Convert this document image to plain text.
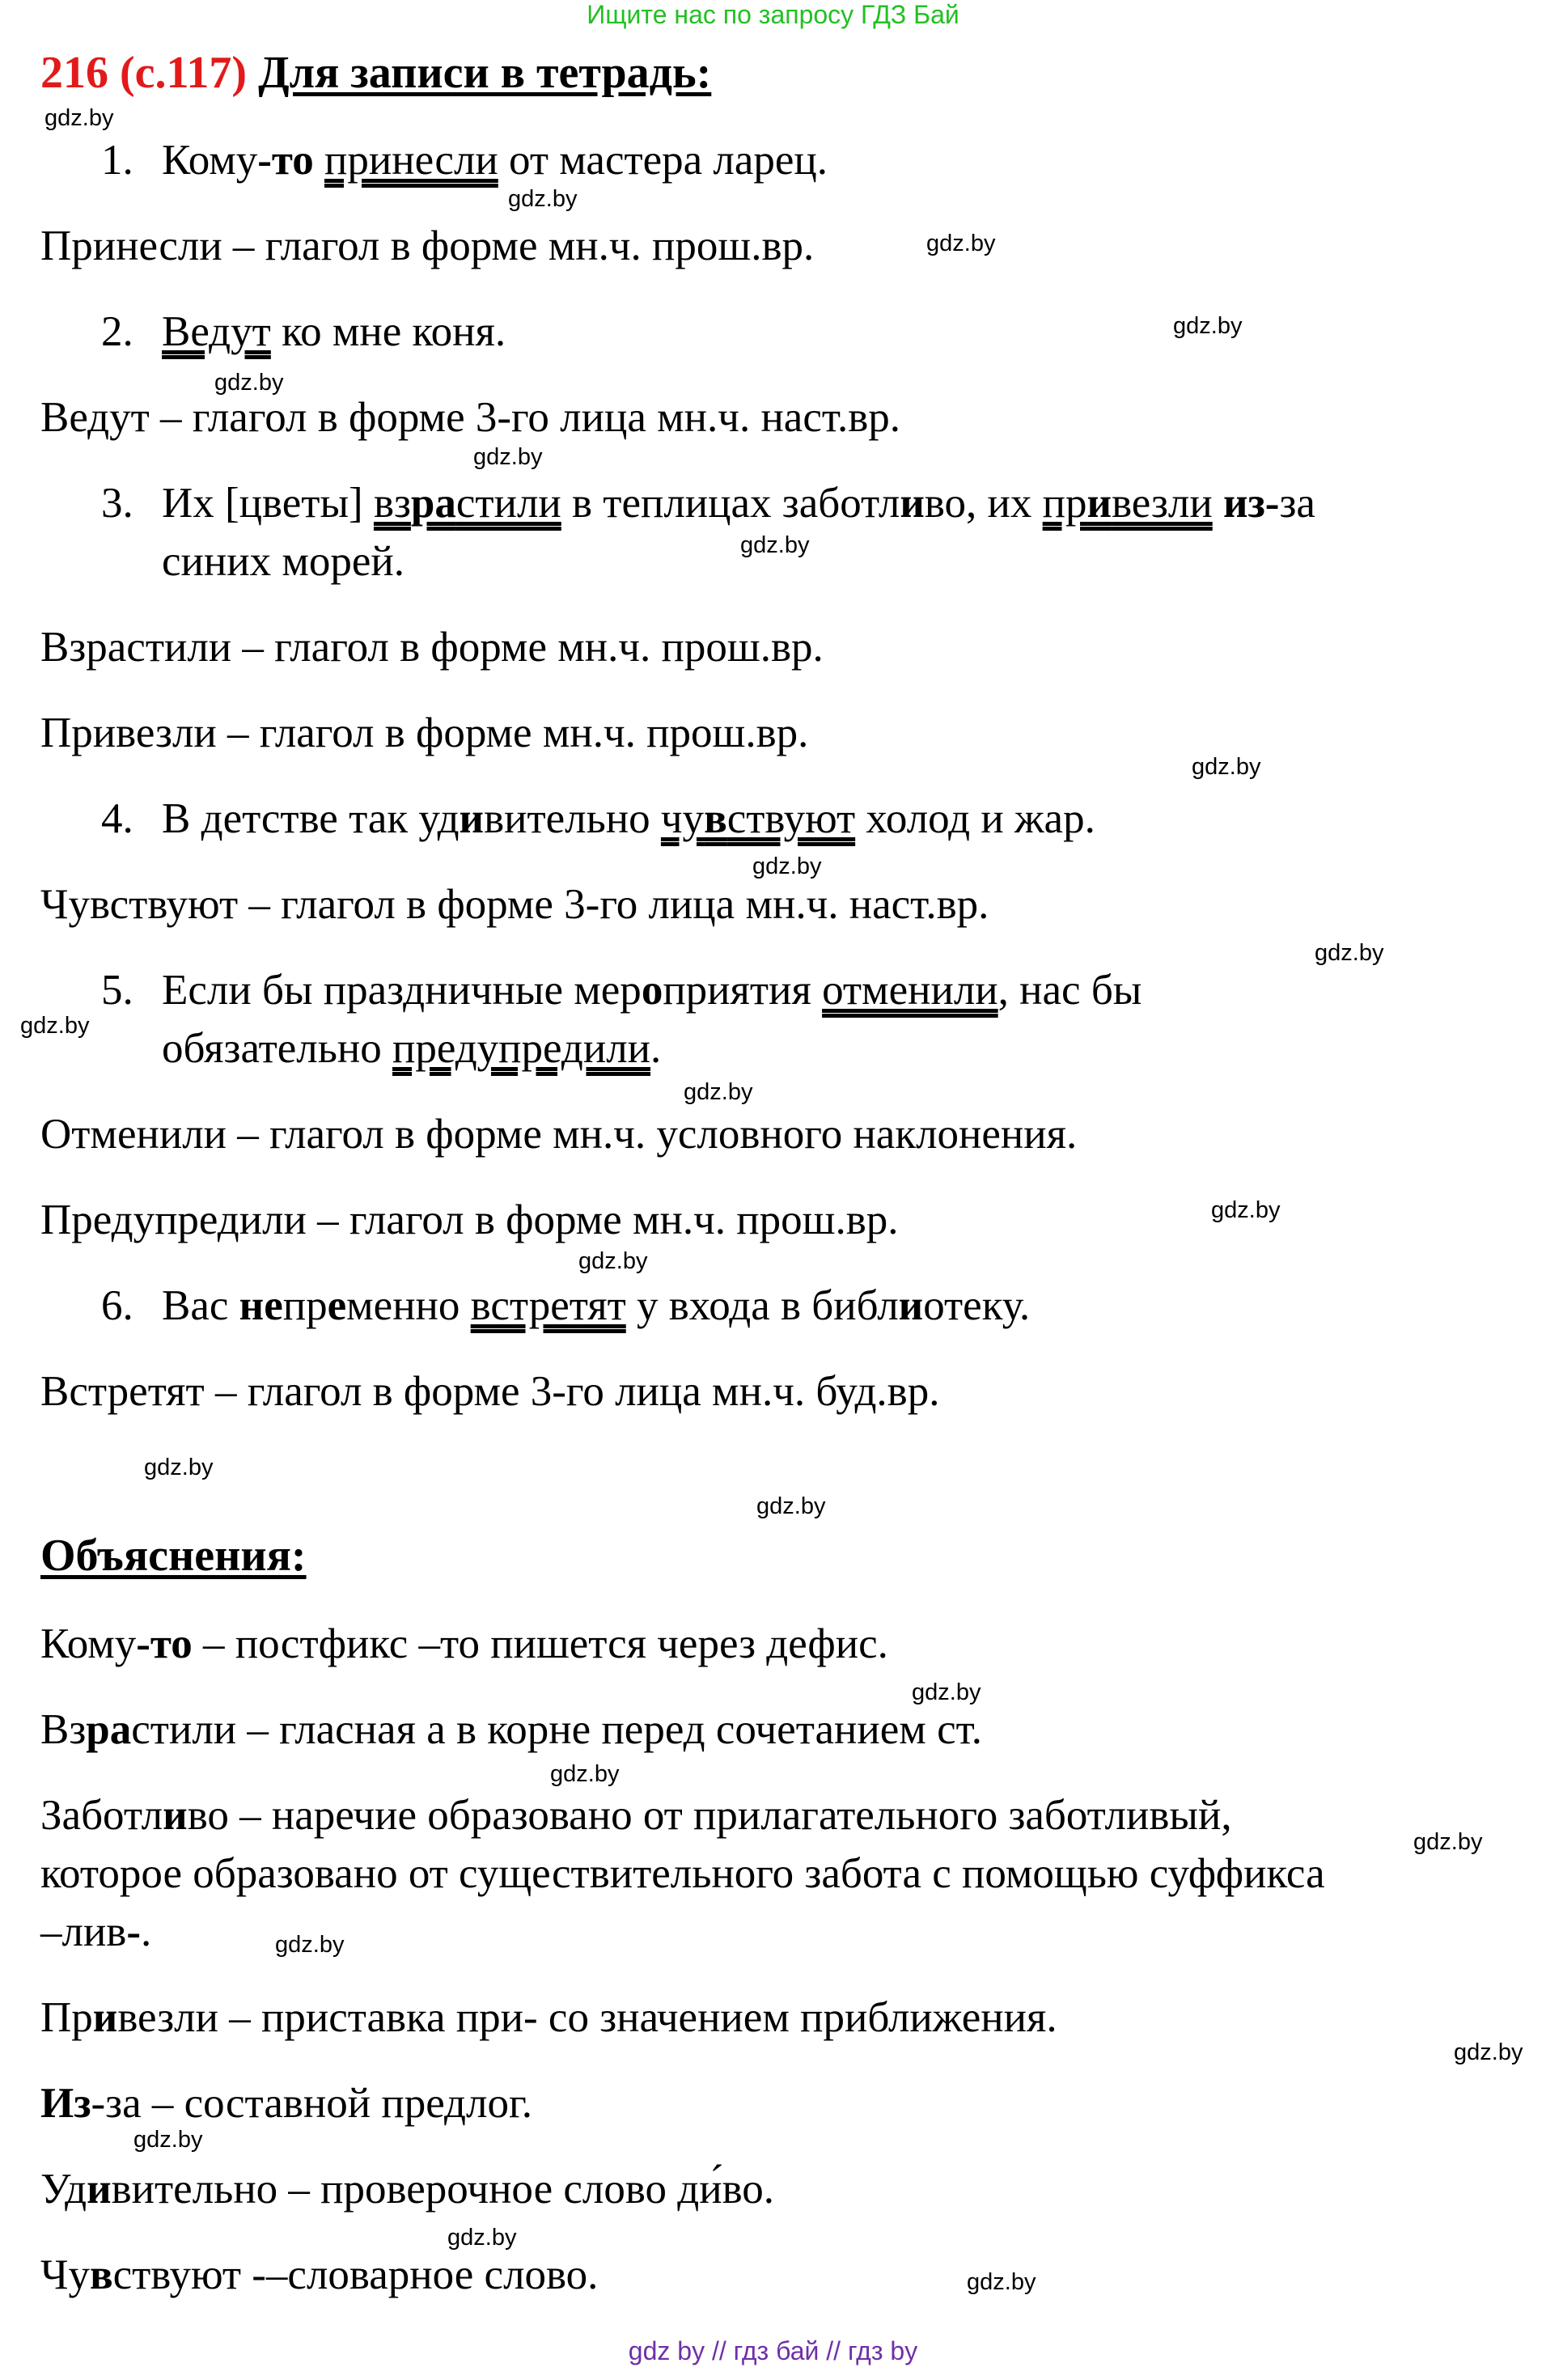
Ищите нас по запросу ГДЗ Бай
216 (с.117) Для записи в тетрадь:
1. Кому-то принесли от мастера ларец.
Принесли – глагол в форме мн.ч. прош.вр.
2. Ведут ко мне коня.
Ведут – глагол в форме 3-го лица мн.ч. наст.вр.
3. Их [цветы] взрастили в теплицах заботливо, их привезли из-за
синих морей.
Взрастили – глагол в форме мн.ч. прош.вр.
Привезли – глагол в форме мн.ч. прош.вр.
4. В детстве так удивительно чувствуют холод и жар.
Чувствуют – глагол в форме 3-го лица мн.ч. наст.вр.
5. Если бы праздничные мероприятия отменили, нас бы
обязательно предупредили.
Отменили – глагол в форме мн.ч. условного наклонения.
Предупредили – глагол в форме мн.ч. прош.вр.
6. Вас непременно встретят у входа в библиотеку.
Встретят – глагол в форме 3-го лица мн.ч. буд.вр.
Объяснения:
Кому-то – постфикс –то пишется через дефис.
Взрастили – гласная а в корне перед сочетанием ст.
Заботливо – наречие образовано от прилагательного заботливый,
которое образовано от существительного забота с помощью суффикса
–лив-.
Привезли – приставка при- со значением приближения.
Из-за – составной предлог.
Удивительно – проверочное слово ди́во.
Чувствуют -–словарное слово.
gdz.by
gdz.by
gdz.by
gdz.by
gdz.by
gdz.by
gdz.by
gdz.by
gdz.by
gdz.by
gdz.by
gdz.by
gdz.by
gdz.by
gdz.by
gdz.by
gdz.by
gdz.by
gdz.by
gdz.by
gdz.by
gdz.by
gdz.by
gdz.by
gdz by // гдз бай // гдз by
